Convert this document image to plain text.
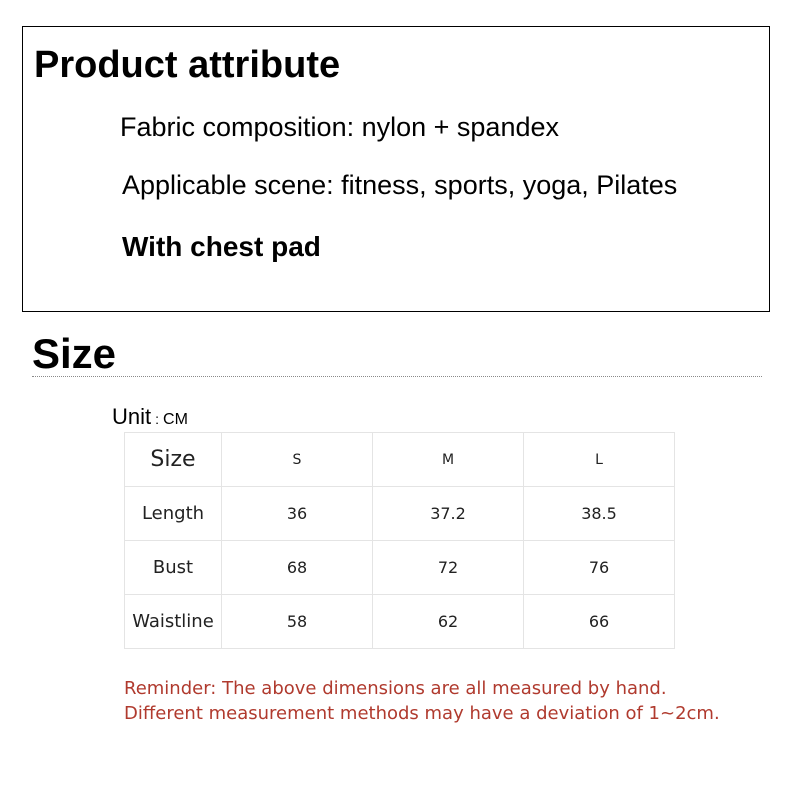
Product attribute
Fabric composition: nylon + spandex
Applicable scene: fitness, sports, yoga, Pilates
With chest pad
Size
Unit : CM
Size	S	M	L
Length	36	37.2	38.5
Bust	68	72	76
Waistline	58	62	66
Reminder: The above dimensions are all measured by hand.
Different measurement methods may have a deviation of 1~2cm.
